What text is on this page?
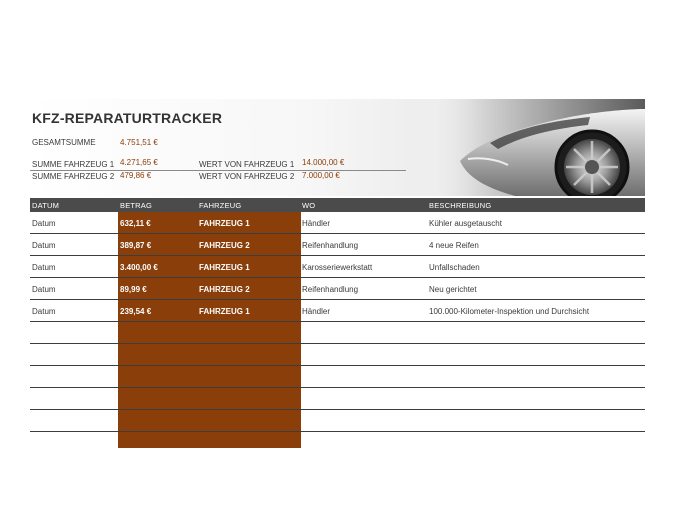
KFZ-REPARATURTRACKER
GESAMTSUMME	4.751,51 €
SUMME FAHRZEUG 1 4.271,65 €	WERT VON FAHRZEUG 1 14.000,00 €
SUMME FAHRZEUG 2 479,86 €	WERT VON FAHRZEUG 2 7.000,00 €
DATUM	BETRAG	FAHRZEUG	WO	BESCHREIBUNG
Datum	632,11 €	FAHRZEUG 1	Händler	Kühler ausgetauscht
Datum	389,87 €	FAHRZEUG 2	Reifenhandlung	4 neue Reifen
Datum	3.400,00 €	FAHRZEUG 1	Karosseriewerkstatt	Unfallschaden
Datum	89,99 €	FAHRZEUG 2	Reifenhandlung	Neu gerichtet
Datum	239,54 €	FAHRZEUG 1	Händler	100.000-Kilometer-Inspektion und Durchsicht
